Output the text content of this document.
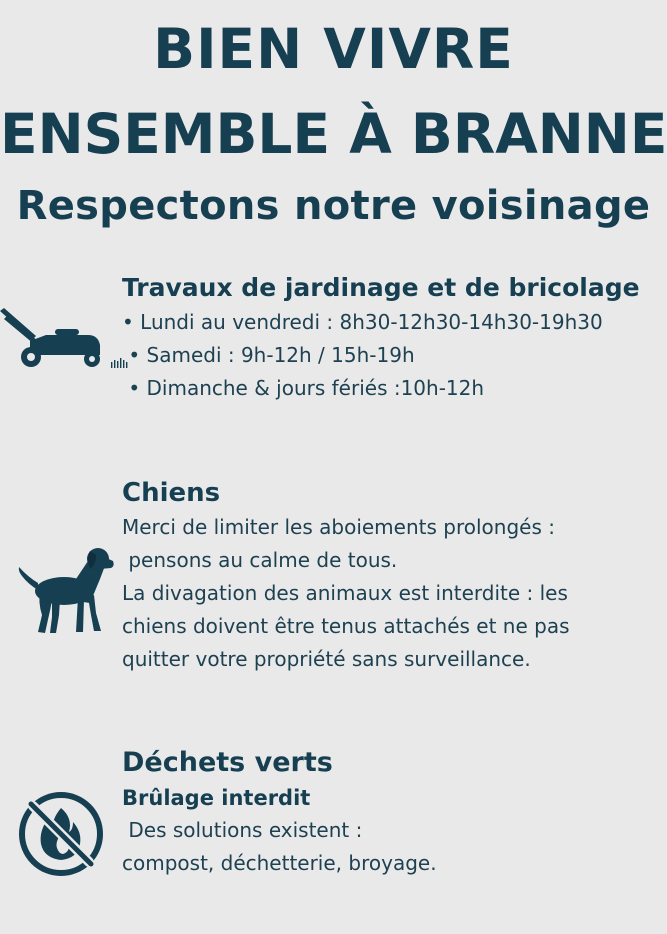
BIEN VIVRE
ENSEMBLE À BRANNE
Respectons notre voisinage
Travaux de jardinage et de bricolage

• Lundi au vendredi : 8h30-12h30-14h30-19h30

• Samedi : 9h-12h / 15h-19h

• Dimanche & jours fériés :10h-12h

Chiens

Merci de limiter les aboiements prolongés :

pensons au calme de tous.

La divagation des animaux est interdite : les

chiens doivent être tenus attachés et ne pas

quitter votre propriété sans surveillance.

Déchets verts

Brûlage interdit

Des solutions existent :

compost, déchetterie, broyage.
